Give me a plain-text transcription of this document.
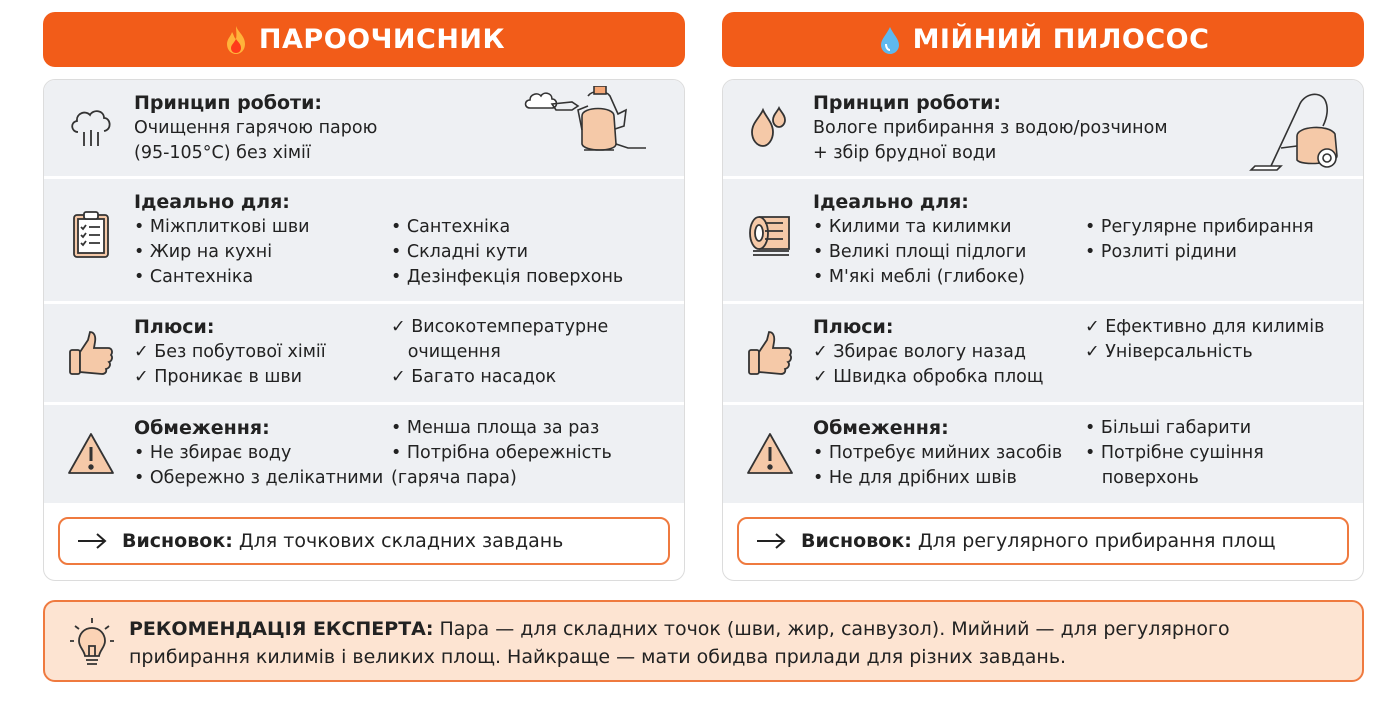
ПАРООЧИСНИК
Принцип роботи:
Очищення гарячою парою
(95-105°C) без хімії
Ідеально для:
• Міжплиткові шви
• Жир на кухні
• Сантехніка
• Сантехніка
• Складні кути
• Дезінфекція поверхонь
Плюси:
✓ Без побутової хімії
✓ Проникає в шви
✓ Високотемпературне
очищення
✓ Багато насадок
Обмеження:
• Не збирає воду
• Обережно з делікатними
• Менша площа за раз
• Потрібна обережність
(гаряча пара)
Висновок: Для точкових складних завдань
МІЙНИЙ ПИЛОСОС
Принцип роботи:
Вологе прибирання з водою/розчином
+ збір брудної води
Ідеально для:
• Килими та килимки
• Великі площі підлоги
• М'які меблі (глибоке)
• Регулярне прибирання
• Розлиті рідини
Плюси:
✓ Збирає вологу назад
✓ Швидка обробка площ
✓ Ефективно для килимів
✓ Універсальність
Обмеження:
• Потребує мийних засобів
• Не для дрібних швів
• Більші габарити
• Потрібне сушіння
поверхонь
Висновок: Для регулярного прибирання площ
РЕКОМЕНДАЦІЯ ЕКСПЕРТА: Пара — для складних точок (шви, жир, санвузол). Мийний — для регулярного
прибирання килимів і великих площ. Найкраще — мати обидва прилади для різних завдань.
